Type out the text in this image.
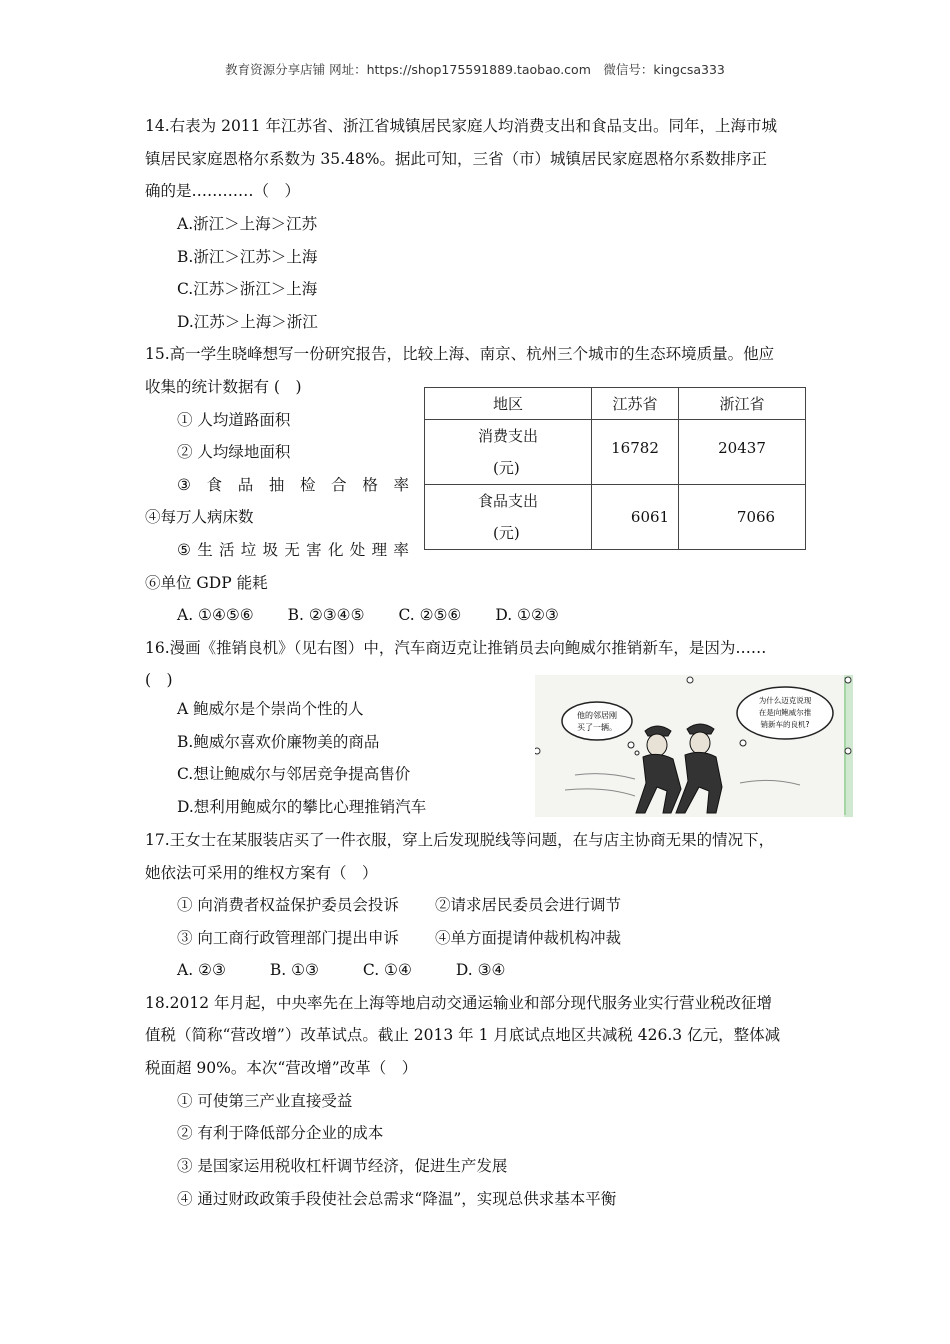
教育资源分享店铺 网址：https://shop175591889.taobao.com　微信号：kingcsa333
14.右表为 2011 年江苏省、浙江省城镇居民家庭人均消费支出和食品支出。同年，上海市城
镇居民家庭恩格尔系数为 35.48%。据此可知，三省（市）城镇居民家庭恩格尔系数排序正
确的是…………（　）
A.浙江＞上海＞江苏
B.浙江＞江苏＞上海
C.江苏＞浙江＞上海
D.江苏＞上海＞浙江
15.高一学生晓峰想写一份研究报告，比较上海、南京、杭州三个城市的生态环境质量。他应
收集的统计数据有 (　)
① 人均道路面积
② 人均绿地面积
③ 食 品 抽 检 合 格 率
④每万人病床数
⑤ 生 活 垃 圾 无 害 化 处 理 率
⑥单位 GDP 能耗
A. ①④⑤⑥ B. ②③④⑤ C. ②⑤⑥ D. ①②③
地区	江苏省	浙江省

消费支出
(元)	16782	20437

食品支出
(元)	6061	7066
16.漫画《推销良机》（见右图）中，汽车商迈克让推销员去向鲍威尔推销新车，是因为……
(　)
A 鲍威尔是个崇尚个性的人
B.鲍威尔喜欢价廉物美的商品
C.想让鲍威尔与邻居竞争提高售价
D.想利用鲍威尔的攀比心理推销汽车
他的邻居刚
买了一辆。
为什么迈克说现
在是向鲍威尔推
销新车的良机?
17.王女士在某服装店买了一件衣服，穿上后发现脱线等问题，在与店主协商无果的情况下，
她依法可采用的维权方案有（　）
① 向消费者权益保护委员会投诉 ②请求居民委员会进行调节
③ 向工商行政管理部门提出申诉 ④单方面提请仲裁机构冲裁
A. ②③	B. ①③	C. ①④	D. ③④
18.2012 年月起，中央率先在上海等地启动交通运输业和部分现代服务业实行营业税改征增
值税（简称“营改增”）改革试点。截止 2013 年 1 月底试点地区共减税 426.3 亿元，整体减
税面超 90%。本次“营改增”改革（　）
① 可使第三产业直接受益
② 有利于降低部分企业的成本
③ 是国家运用税收杠杆调节经济，促进生产发展
④ 通过财政政策手段使社会总需求“降温”，实现总供求基本平衡
